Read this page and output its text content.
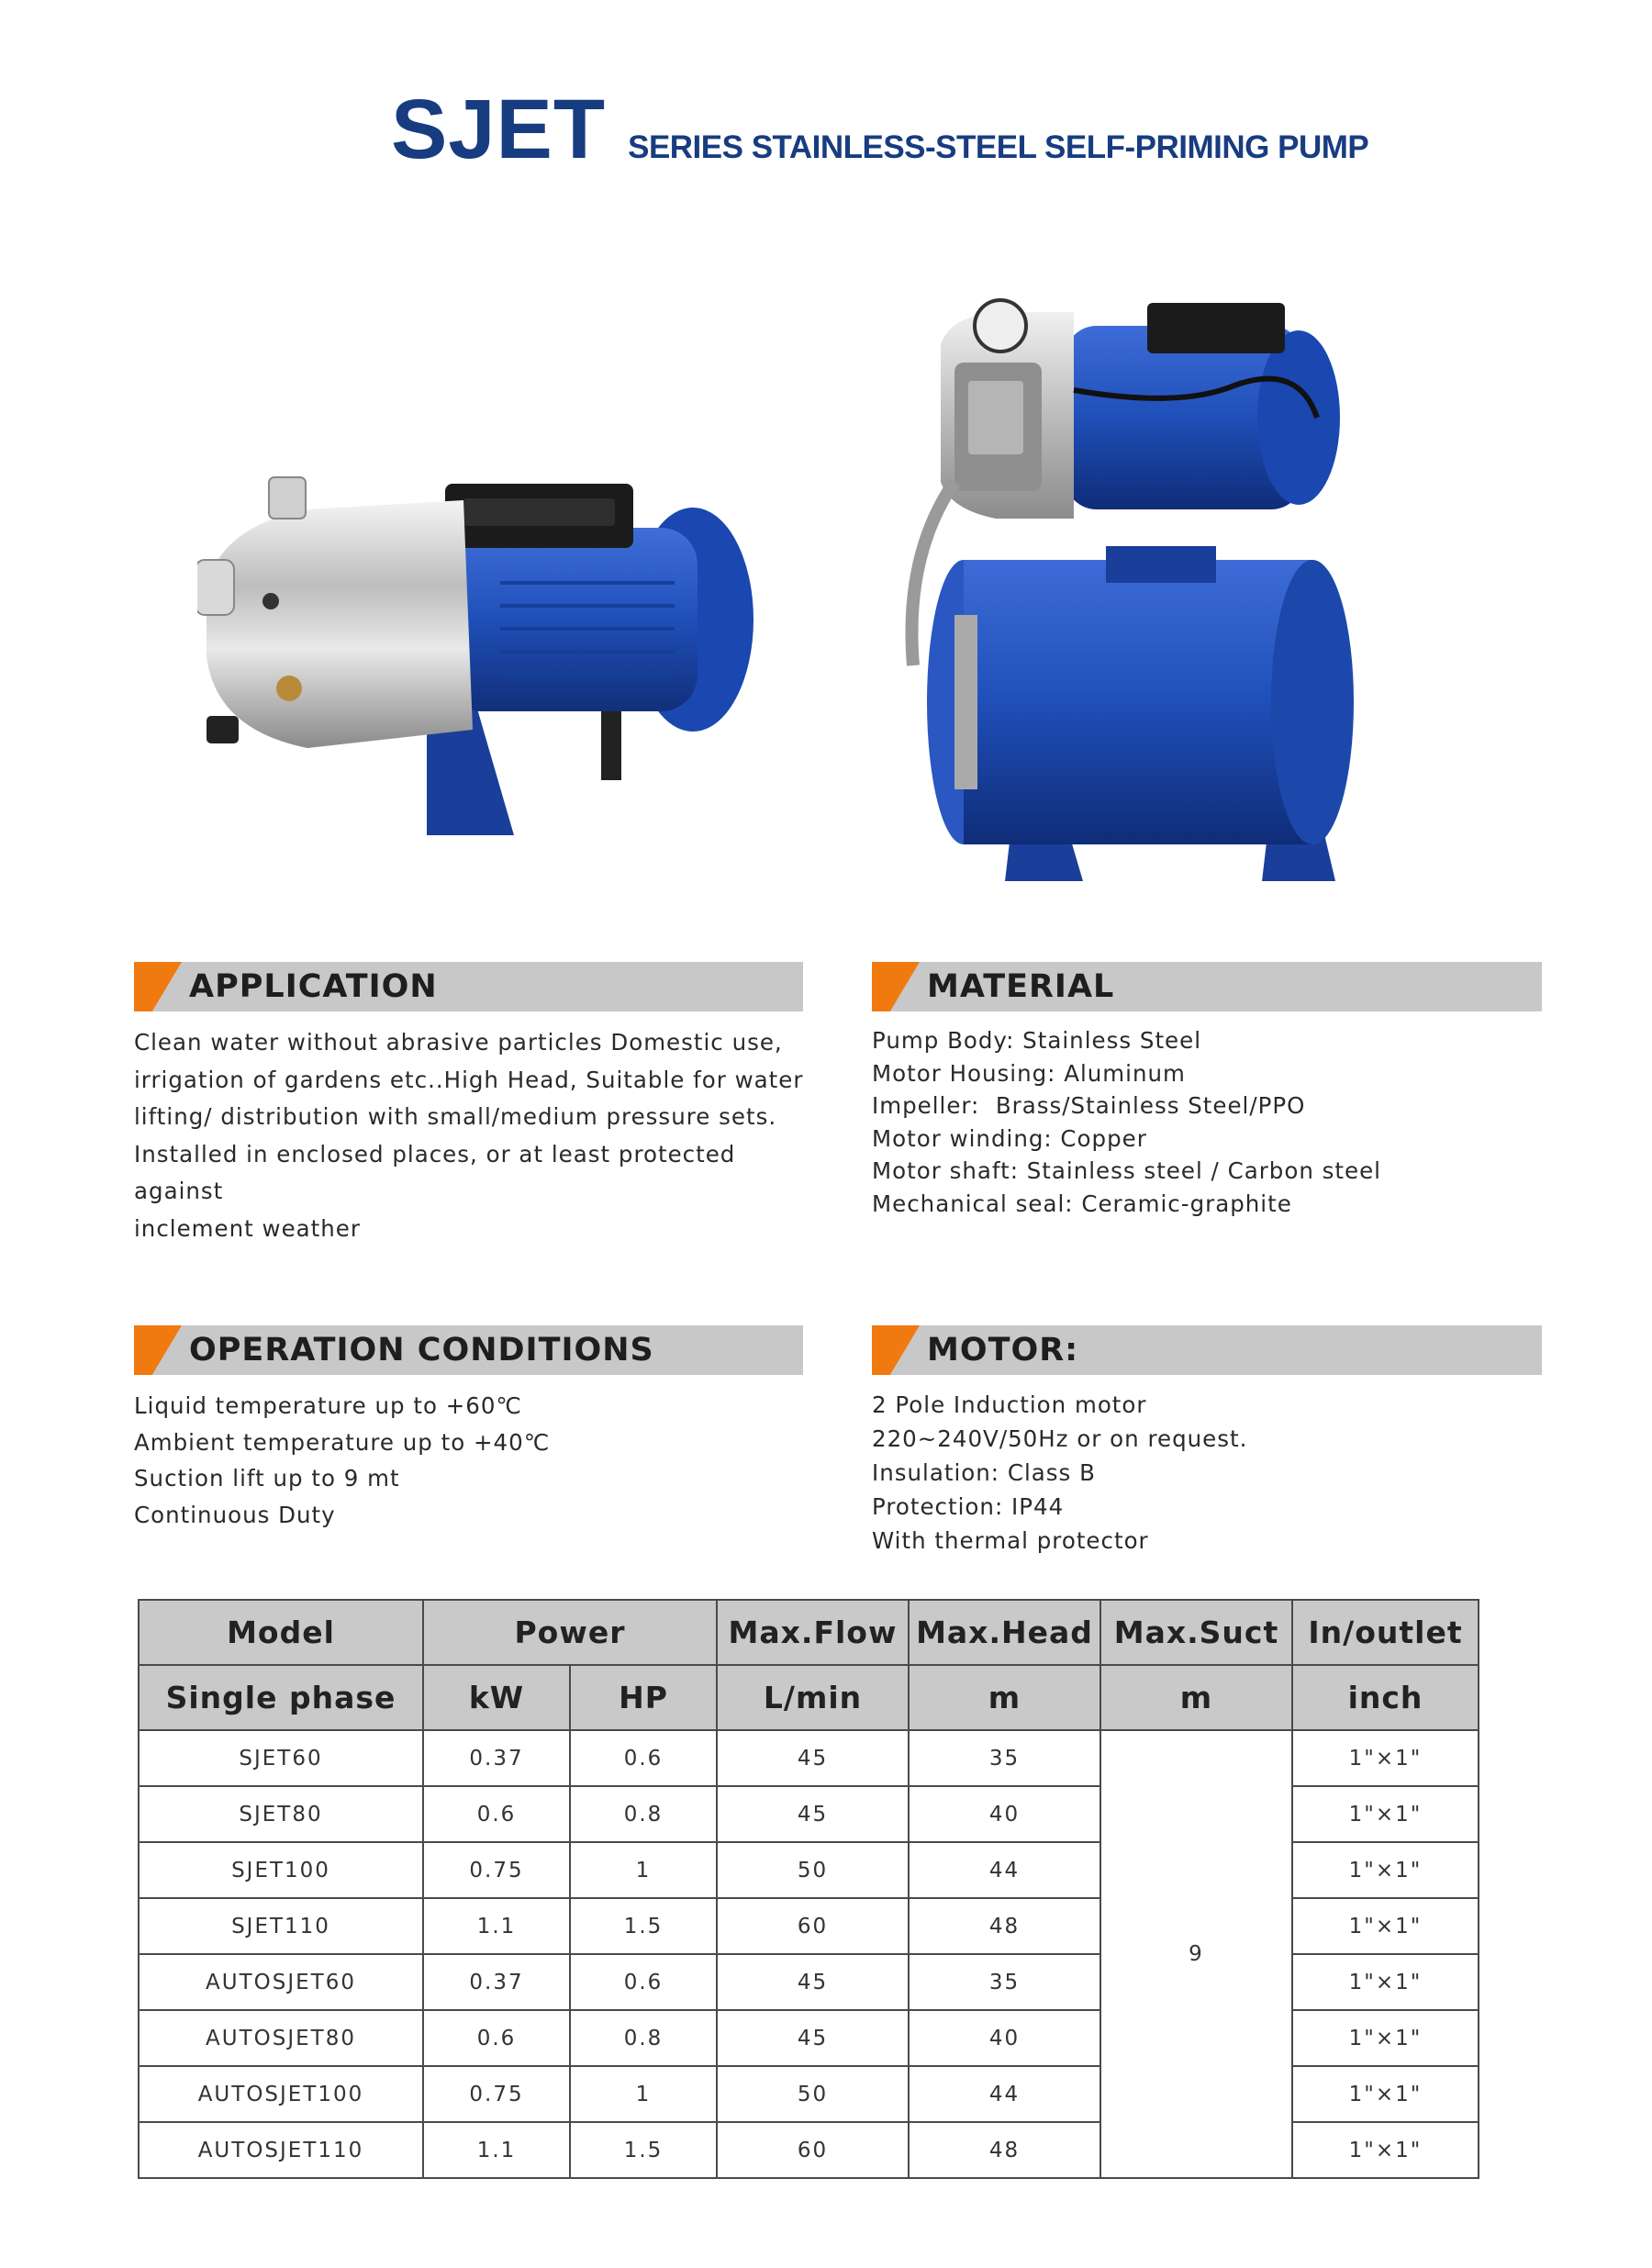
SJET SERIES STAINLESS-STEEL SELF-PRIMING PUMP
APPLICATION
Clean water without abrasive particles Domestic use,
irrigation of gardens etc..High Head, Suitable for water
lifting/ distribution with small/medium pressure sets.
Installed in enclosed places, or at least protected against
inclement weather
MATERIAL
Pump Body: Stainless Steel
Motor Housing: Aluminum
Impeller:  Brass/Stainless Steel/PPO
Motor winding: Copper
Motor shaft: Stainless steel / Carbon steel
Mechanical seal: Ceramic-graphite
OPERATION CONDITIONS
Liquid temperature up to +60℃
Ambient temperature up to +40℃
Suction lift up to 9 mt
Continuous Duty
MOTOR:
2 Pole Induction motor
220~240V/50Hz or on request.
Insulation: Class B
Protection: IP44
With thermal protector
Model	Power		Max.Flow	Max.Head	Max.Suct	In/outlet
Single phase	kW	HP	L/min	m	m	inch
SJET60	0.37	0.6	45	35	9	1"×1"
SJET80	0.6	0.8	45	40		1"×1"
SJET100	0.75	1	50	44		1"×1"
SJET110	1.1	1.5	60	48		1"×1"
AUTOSJET60	0.37	0.6	45	35		1"×1"
AUTOSJET80	0.6	0.8	45	40		1"×1"
AUTOSJET100	0.75	1	50	44		1"×1"
AUTOSJET110	1.1	1.5	60	48		1"×1"
